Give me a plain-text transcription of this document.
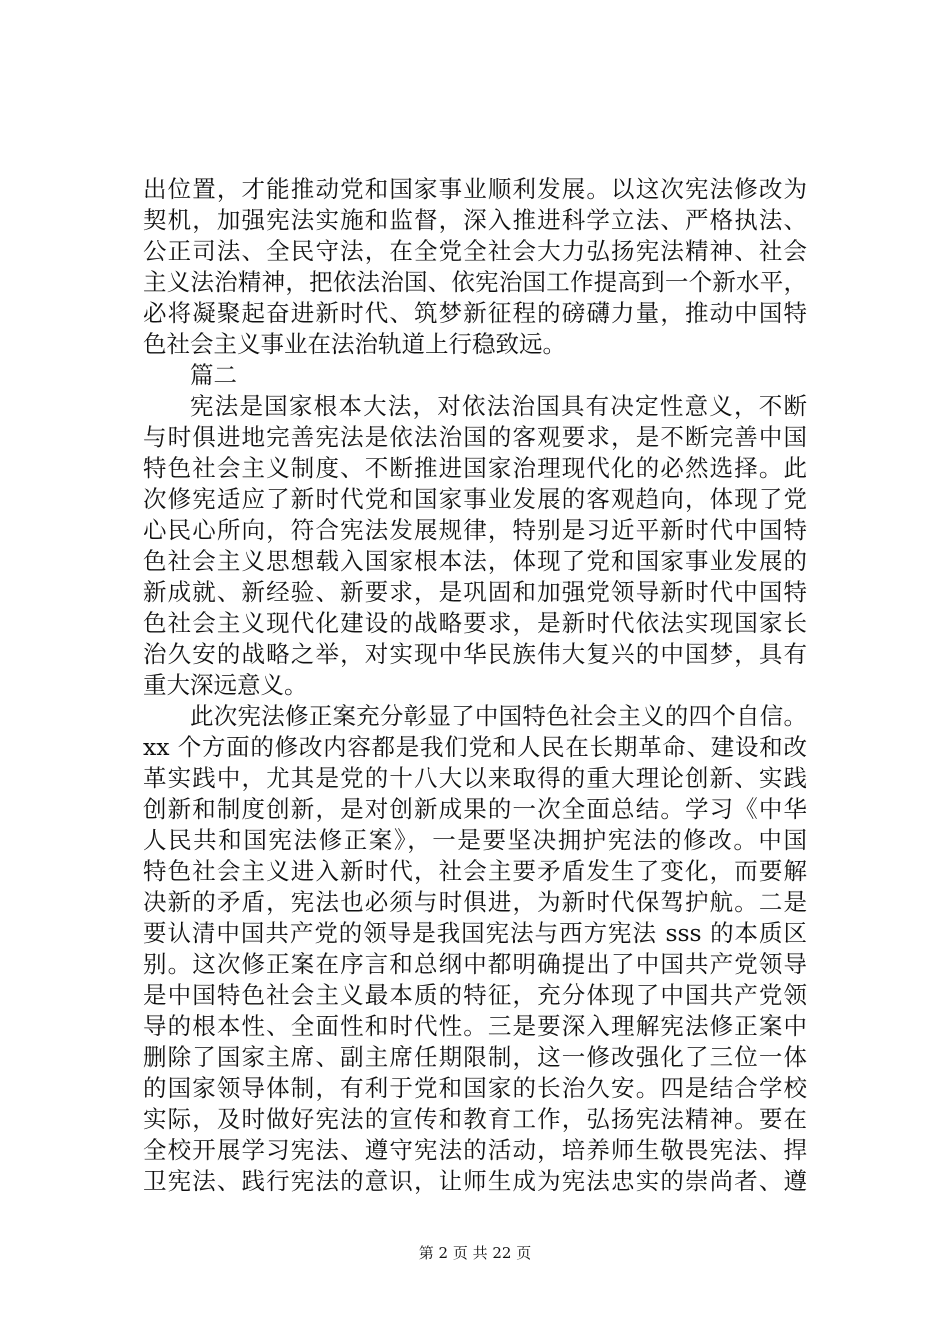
出位置，才能推动党和国家事业顺利发展。以这次宪法修改为
契机，加强宪法实施和监督，深入推进科学立法、严格执法、
公正司法、全民守法，在全党全社会大力弘扬宪法精神、社会
主义法治精神，把依法治国、依宪治国工作提高到一个新水平，
必将凝聚起奋进新时代、筑梦新征程的磅礴力量，推动中国特
色社会主义事业在法治轨道上行稳致远。
篇二
宪法是国家根本大法，对依法治国具有决定性意义，不断
与时俱进地完善宪法是依法治国的客观要求，是不断完善中国
特色社会主义制度、不断推进国家治理现代化的必然选择。此
次修宪适应了新时代党和国家事业发展的客观趋向，体现了党
心民心所向，符合宪法发展规律，特别是习近平新时代中国特
色社会主义思想载入国家根本法，体现了党和国家事业发展的
新成就、新经验、新要求，是巩固和加强党领导新时代中国特
色社会主义现代化建设的战略要求，是新时代依法实现国家长
治久安的战略之举，对实现中华民族伟大复兴的中国梦，具有
重大深远意义。
此次宪法修正案充分彰显了中国特色社会主义的四个自信。
xx 个方面的修改内容都是我们党和人民在长期革命、建设和改
革实践中，尤其是党的十八大以来取得的重大理论创新、实践
创新和制度创新，是对创新成果的一次全面总结。学习《中华
人民共和国宪法修正案》，一是要坚决拥护宪法的修改。中国
特色社会主义进入新时代，社会主要矛盾发生了变化，而要解
决新的矛盾，宪法也必须与时俱进，为新时代保驾护航。二是
要认清中国共产党的领导是我国宪法与西方宪法 sss 的本质区
别。这次修正案在序言和总纲中都明确提出了中国共产党领导
是中国特色社会主义最本质的特征，充分体现了中国共产党领
导的根本性、全面性和时代性。三是要深入理解宪法修正案中
删除了国家主席、副主席任期限制，这一修改强化了三位一体
的国家领导体制，有利于党和国家的长治久安。四是结合学校
实际，及时做好宪法的宣传和教育工作，弘扬宪法精神。要在
全校开展学习宪法、遵守宪法的活动，培养师生敬畏宪法、捍
卫宪法、践行宪法的意识，让师生成为宪法忠实的崇尚者、遵
第 2 页 共 22 页
